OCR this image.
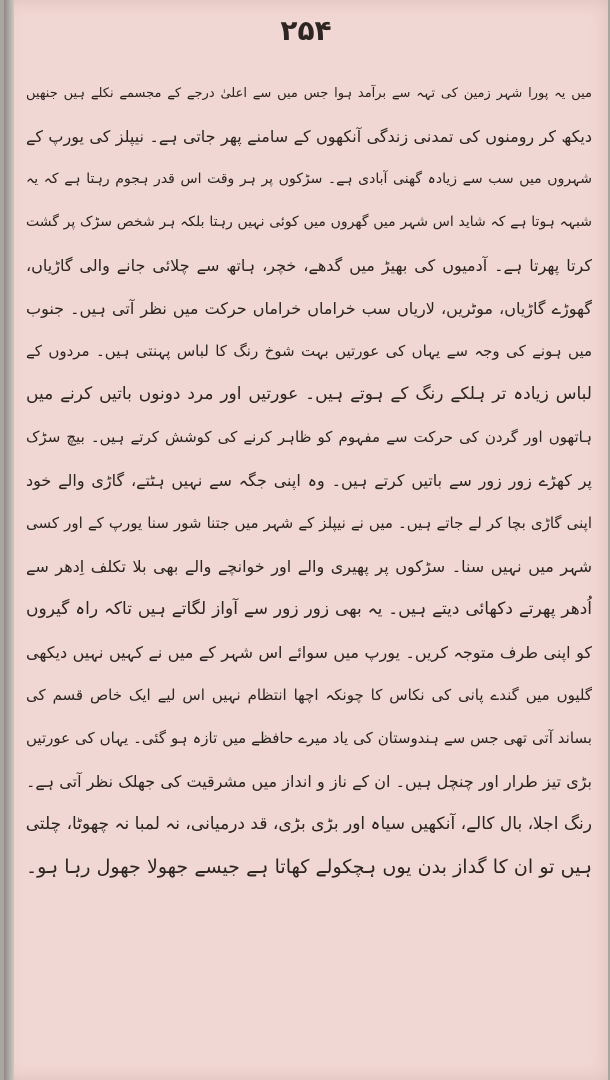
۲۵۴
میں یہ پورا شہر زمین کی تہہ سے برآمد ہوا جس میں سے اعلیٰ درجے کے مجسمے نکلے ہیں جنھیں
دیکھ کر رومنوں کی تمدنی زندگی آنکھوں کے سامنے پھر جاتی ہے۔ نیپلز کی یورپ کے
شہروں میں سب سے زیادہ گھنی آبادی ہے۔ سڑکوں پر ہر وقت اس قدر ہجوم رہتا ہے کہ یہ
شبہہ ہوتا ہے کہ شاید اس شہر میں گھروں میں کوئی نہیں رہتا بلکہ ہر شخص سڑک پر گشت
کرتا پھرتا ہے۔ آدمیوں کی بھیڑ میں گدھے، خچر، ہاتھ سے چلائی جانے والی گاڑیاں،
گھوڑے گاڑیاں، موٹریں، لاریاں سب خراماں خراماں حرکت میں نظر آتی ہیں۔ جنوب
میں ہونے کی وجہ سے یہاں کی عورتیں بہت شوخ رنگ کا لباس پہنتی ہیں۔ مردوں کے
لباس زیادہ تر ہلکے رنگ کے ہوتے ہیں۔ عورتیں اور مرد دونوں باتیں کرنے میں
ہاتھوں اور گردن کی حرکت سے مفہوم کو ظاہر کرنے کی کوشش کرتے ہیں۔ بیچ سڑک
پر کھڑے زور زور سے باتیں کرتے ہیں۔ وہ اپنی جگہ سے نہیں ہٹتے، گاڑی والے خود
اپنی گاڑی بچا کر لے جاتے ہیں۔ میں نے نیپلز کے شہر میں جتنا شور سنا یورپ کے اور کسی
شہر میں نہیں سنا۔ سڑکوں پر پھیری والے اور خوانچے والے بھی بلا تکلف اِدھر سے
اُدھر پھرتے دکھائی دیتے ہیں۔ یہ بھی زور زور سے آواز لگاتے ہیں تاکہ راہ گیروں
کو اپنی طرف متوجہ کریں۔ یورپ میں سوائے اس شہر کے میں نے کہیں نہیں دیکھی
گلیوں میں گندے پانی کی نکاس کا چونکہ اچھا انتظام نہیں اس لیے ایک خاص قسم کی
بساند آتی تھی جس سے ہندوستان کی یاد میرے حافظے میں تازہ ہو گئی۔ یہاں کی عورتیں
بڑی تیز طرار اور چنچل ہیں۔ ان کے ناز و انداز میں مشرقیت کی جھلک نظر آتی ہے۔
رنگ اجلا، بال کالے، آنکھیں سیاہ اور بڑی بڑی، قد درمیانی، نہ لمبا نہ چھوٹا، چلتی
ہیں تو ان کا گداز بدن یوں ہچکولے کھاتا ہے جیسے جھولا جھول رہا ہو۔
